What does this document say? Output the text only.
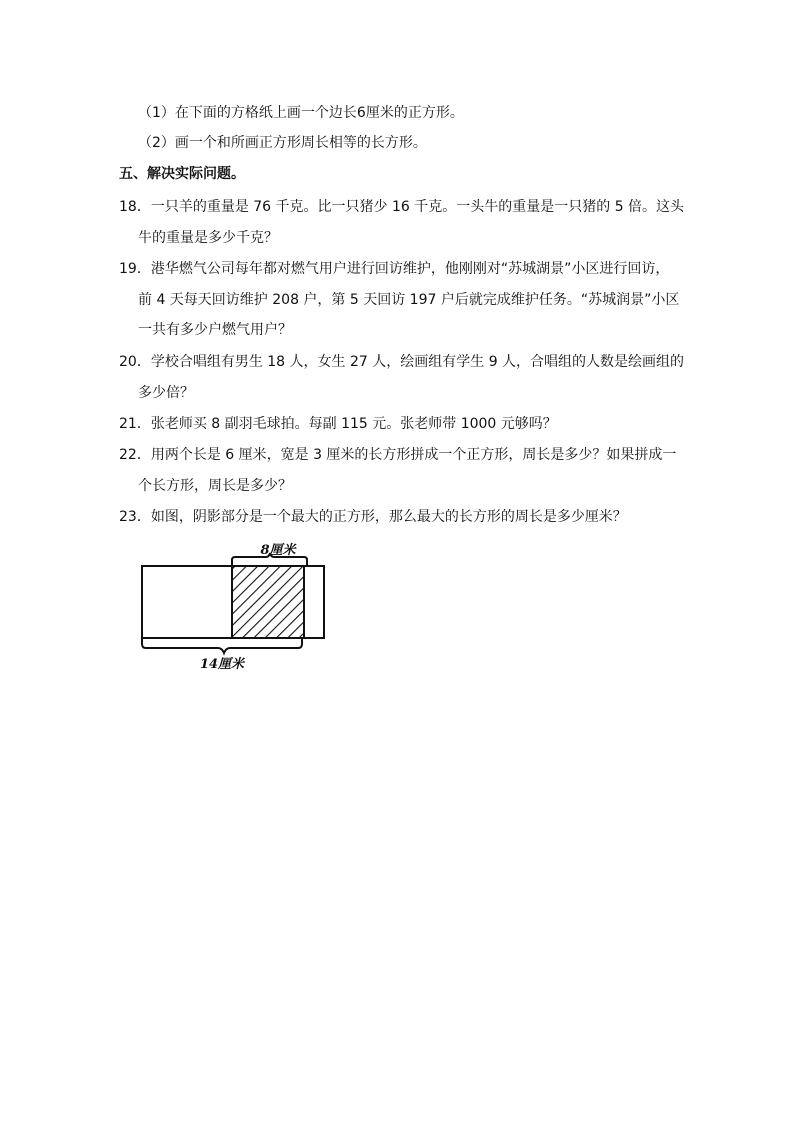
（1）在下面的方格纸上画一个边长6厘米的正方形。
（2）画一个和所画正方形周长相等的长方形。
五、解决实际问题。
18．一只羊的重量是 76 千克。比一只猪少 16 千克。一头牛的重量是一只猪的 5 倍。这头
牛的重量是多少千克？
19．港华燃气公司每年都对燃气用户进行回访维护，他刚刚对“苏城湖景”小区进行回访，
前 4 天每天回访维护 208 户，第 5 天回访 197 户后就完成维护任务。“苏城润景”小区
一共有多少户燃气用户？
20．学校合唱组有男生 18 人，女生 27 人，绘画组有学生 9 人，合唱组的人数是绘画组的
多少倍？
21．张老师买 8 副羽毛球拍。每副 115 元。张老师带 1000 元够吗？
22．用两个长是 6 厘米，宽是 3 厘米的长方形拼成一个正方形，周长是多少？如果拼成一
个长方形，周长是多少？
23．如图，阴影部分是一个最大的正方形，那么最大的长方形的周长是多少厘米？
8厘米
14厘米
